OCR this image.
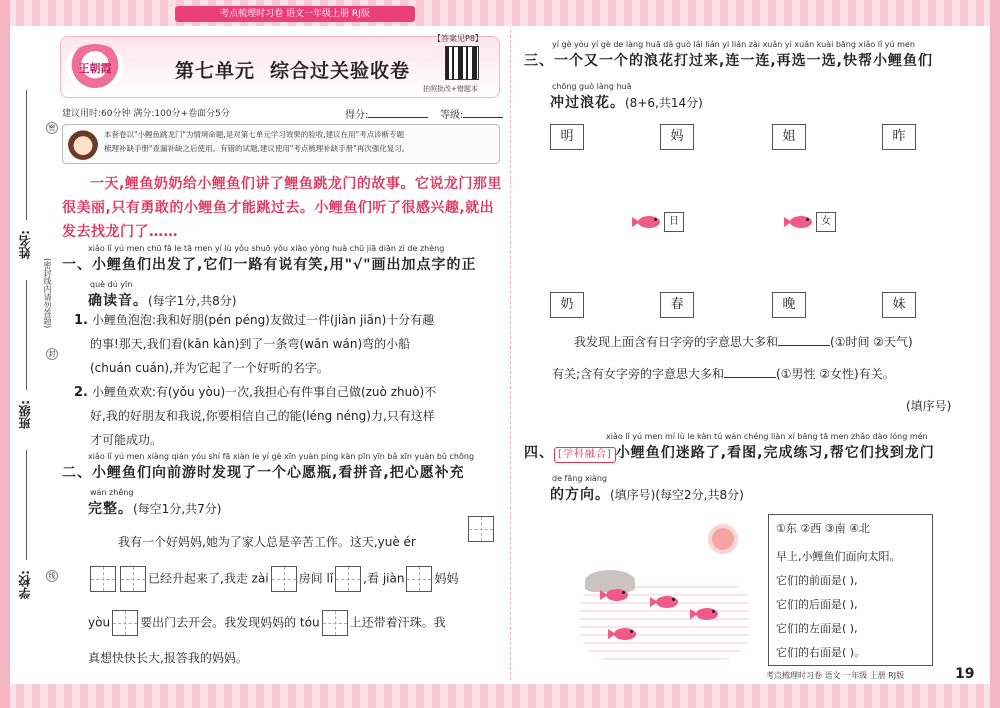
考点梳理时习卷 语文一年级上册 RJ版
姓名:
班级:
学校:
(密封线内请勿答题)
密
封
线
王朝霞	第七单元 综合过关验收卷
【答案见P8】
拍照批改+错题本
建议用时:60分钟 满分:100分+卷面分5分	得分:	等级:
本套卷以"小鲤鱼跳龙门"为情境命题,是对第七单元学习效果的验收,建议在用"考点诊断专题
梳理补缺手册"查漏补缺之后使用。有错的试题,建议使用"考点梳理补缺手册"再次强化复习。
一天,鲤鱼奶奶给小鲤鱼们讲了鲤鱼跳龙门的故事。它说龙门那里很美丽,只有勇敢的小鲤鱼才能跳过去。小鲤鱼们听了很感兴趣,就出发去找龙门了……
xiǎo lǐ yú men chū fā le tā men yí lù yǒu shuō yǒu xiào yòng huà chū jiā diǎn zì de zhèng
一、小鲤鱼们出发了,它们一路有说有笑,用"√"画出加点字的正
què dú yīn
确读音。(每字1分,共8分)
1. 小鲤鱼泡泡:我和好朋(pén péng)友做过一件(jiàn jiān)十分有趣
的事!那天,我们看(kān kàn)到了一条弯(wān wán)弯的小船
(chuán cuán),并为它起了一个好听的名字。
2. 小鲤鱼欢欢:有(yǒu yòu)一次,我担心有件事自己做(zuò zhuò)不
好,我的好朋友和我说,你要相信自己的能(léng néng)力,只有这样
才可能成功。
xiǎo lǐ yú men xiàng qián yóu shí fā xiàn le yí gè xīn yuàn píng kàn pīn yīn bǎ xīn yuàn bǔ chōng
二、小鲤鱼们向前游时发现了一个心愿瓶,看拼音,把心愿补充
wán zhěng
完整。(每空1分,共7分)
我有一个好妈妈,她为了家人总是辛苦工作。这天,yuè ér
已经升起来了,我走 zài	房间 lǐ	,看 jiàn	妈妈
yòu	要出门去开会。我发现妈妈的 tóu	上还带着汗珠。我
真想快快长大,报答我的妈妈。
yí gè yòu yí gè de làng huā dǎ guò lái lián yi lián zài xuǎn yi xuǎn kuài bāng xiǎo lǐ yú men
三、一个又一个的浪花打过来,连一连,再选一选,快帮小鲤鱼们
chōng guò làng huā
冲过浪花。(8+6,共14分)
明	妈	姐	昨
日	女
奶	春	晚	妹
我发现上面含有日字旁的字意思大多和	(①时间 ②天气)
有关;含有女字旁的字意思大多和	(①男性 ②女性)有关。
(填序号)
xiǎo lǐ yú men mí lù le kàn tú wán chéng liàn xí bāng tā men zhǎo dào lóng mén
四、 [学科融合] 小鲤鱼们迷路了,看图,完成练习,帮它们找到龙门
de fāng xiàng
的方向。(填序号)(每空2分,共8分)
①东 ②西 ③南 ④北
早上,小鲤鱼们面向太阳。
它们的前面是( ),
它们的后面是( ),
它们的左面是( ),
它们的右面是( )。
考点梳理时习卷 语文 一年级 上册 RJ版	19
